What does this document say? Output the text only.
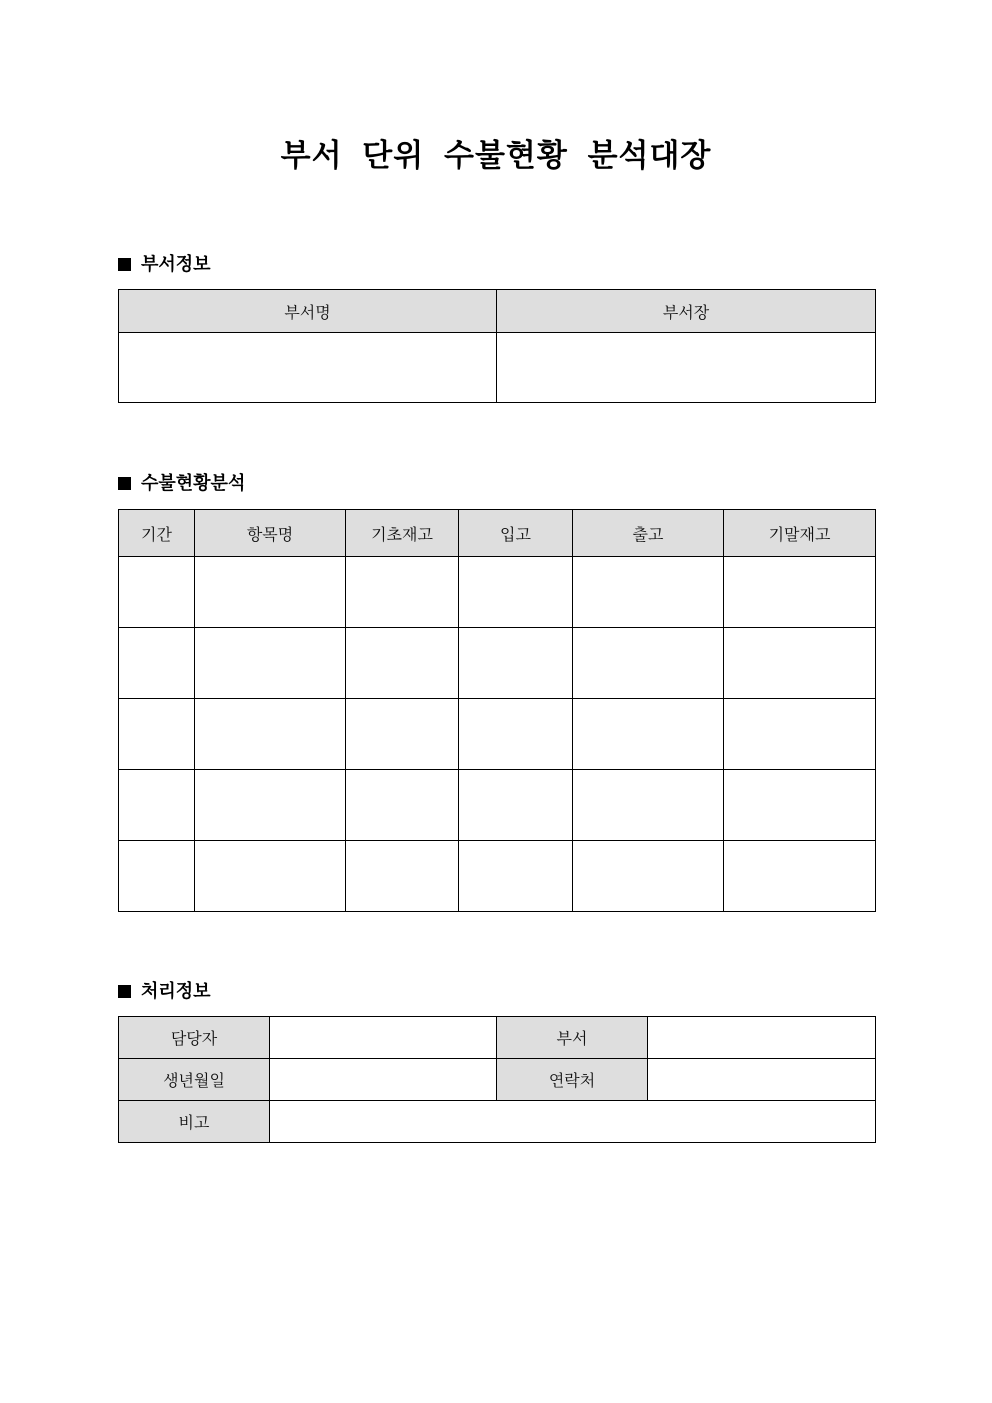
부서 단위 수불현황 분석대장
부서정보
부서명	부서장

수불현황분석
기간	항목명	기초재고	입고	출고	기말재고

처리정보
담당자		부서	
생년월일		연락처	
비고			
